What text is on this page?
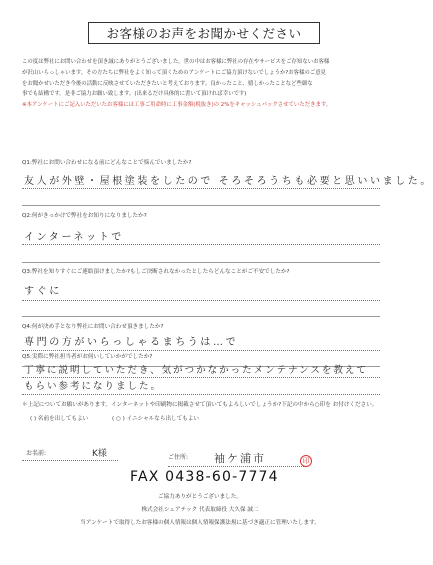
お客様のお声をお聞かせください

この度は弊社にお問い合わせを頂き誠にありがとうございました。世の中はお客様に弊社の存在やサービスをご存知ないお客様

が沢山いらっしゃいます。その方たちに弊社をよく知って頂くためのアンケートにご協力頂けないでしょうか?お客様のご意見

をお聞かせいただき今後の活動に反映させていただきたいと考えております。良かったこと、嬉しかったことなど些細な

事でも結構です。是非ご協力お願い致します。(出来るだけ具体的に書いて頂ければ幸いです)

※本アンケートにご記入いただいたお客様には工事ご用命時に工事金額(税抜き)の 2%をキャッシュバックさせていただきます。

Q1:弊社にお問い合わせになる前にどんなことで悩んでいましたか?
友人が外壁・屋根塗装をしたので そろそろうちも必要と思いいました。
Q2:何がきっかけで弊社をお知りになりましたか?
インターネットで
Q3:弊社を知りすぐにご連絡頂けましたか?もしご決断されなかったとしたらどんなことがご不安でしたか?
すぐに
Q4:何が決め手となり弊社にお問い合わせ頂きましたか?
専門の方がいらっしゃるまちうは…で
Q5:実際に弊社担当者がお伺いしていかがでしたか?
丁寧に説明していただき、気がつかなかったメンテナンスを教えて
もらい参考になりました。
＊上記についてお願いがあります。インターネットや印刷物に掲載させて頂いてもよろしいでしょうか?下記の中から○印を お付けください。
( ) 名前を出してもよい	( ○ ) イニシャルなら出してもよい
お名前:	K様	ご住所: 袖ケ浦市	印
FAX 0438-60-7774
ご協力ありがとうございました。
株式会社シェアテック 代表取締役 大久保 誠二
当アンケートで取得したお客様の個人情報は個人情報保護法規に基づき適正に管理いたします。
